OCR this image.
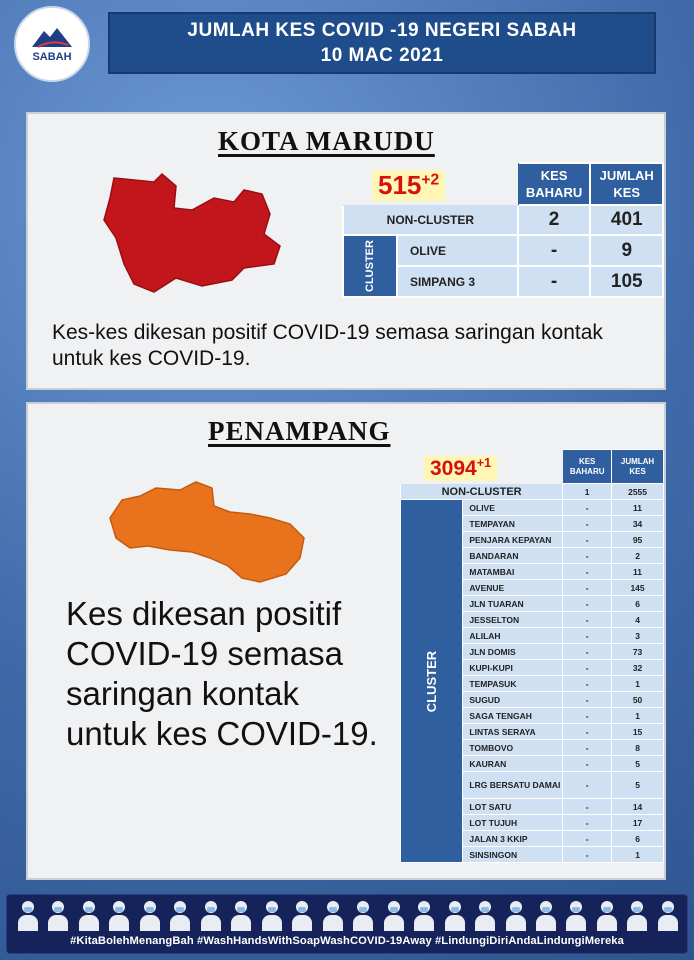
SABAH
JUMLAH KES COVID -19 NEGERI SABAH
10 MAC 2021
KOTA MARUDU
$515^{+2}$
		KES BAHARU	JUMLAH KES
NON-CLUSTER		2	401
CLUSTER	OLIVE	-	9
	SIMPANG 3	-	105
Kes-kes dikesan positif COVID-19 semasa saringan kontak untuk kes COVID-19.
PENAMPANG
$3094^{+1}$
		KES BAHARU	JUMLAH KES
NON-CLUSTER		1	2555
CLUSTER	OLIVE	-	11
	TEMPAYAN	-	34
	PENJARA KEPAYAN	-	95
	BANDARAN	-	2
	MATAMBAI	-	11
	AVENUE	-	145
	JLN TUARAN	-	6
	JESSELTON	-	4
	ALILAH	-	3
	JLN DOMIS	-	73
	KUPI-KUPI	-	32
	TEMPASUK	-	1
	SUGUD	-	50
	SAGA TENGAH	-	1
	LINTAS SERAYA	-	15
	TOMBOVO	-	8
	KAURAN	-	5
	LRG BERSATU DAMAI	-	5
	LOT SATU	-	14
	LOT TUJUH	-	17
	JALAN 3 KKIP	-	6
	SINSINGON	-	1
Kes dikesan positif COVID-19 semasa saringan kontak untuk kes COVID-19.
#KitaBolehMenangBah #WashHandsWithSoapWashCOVID-19Away #LindungiDiriAndaLindungiMereka
